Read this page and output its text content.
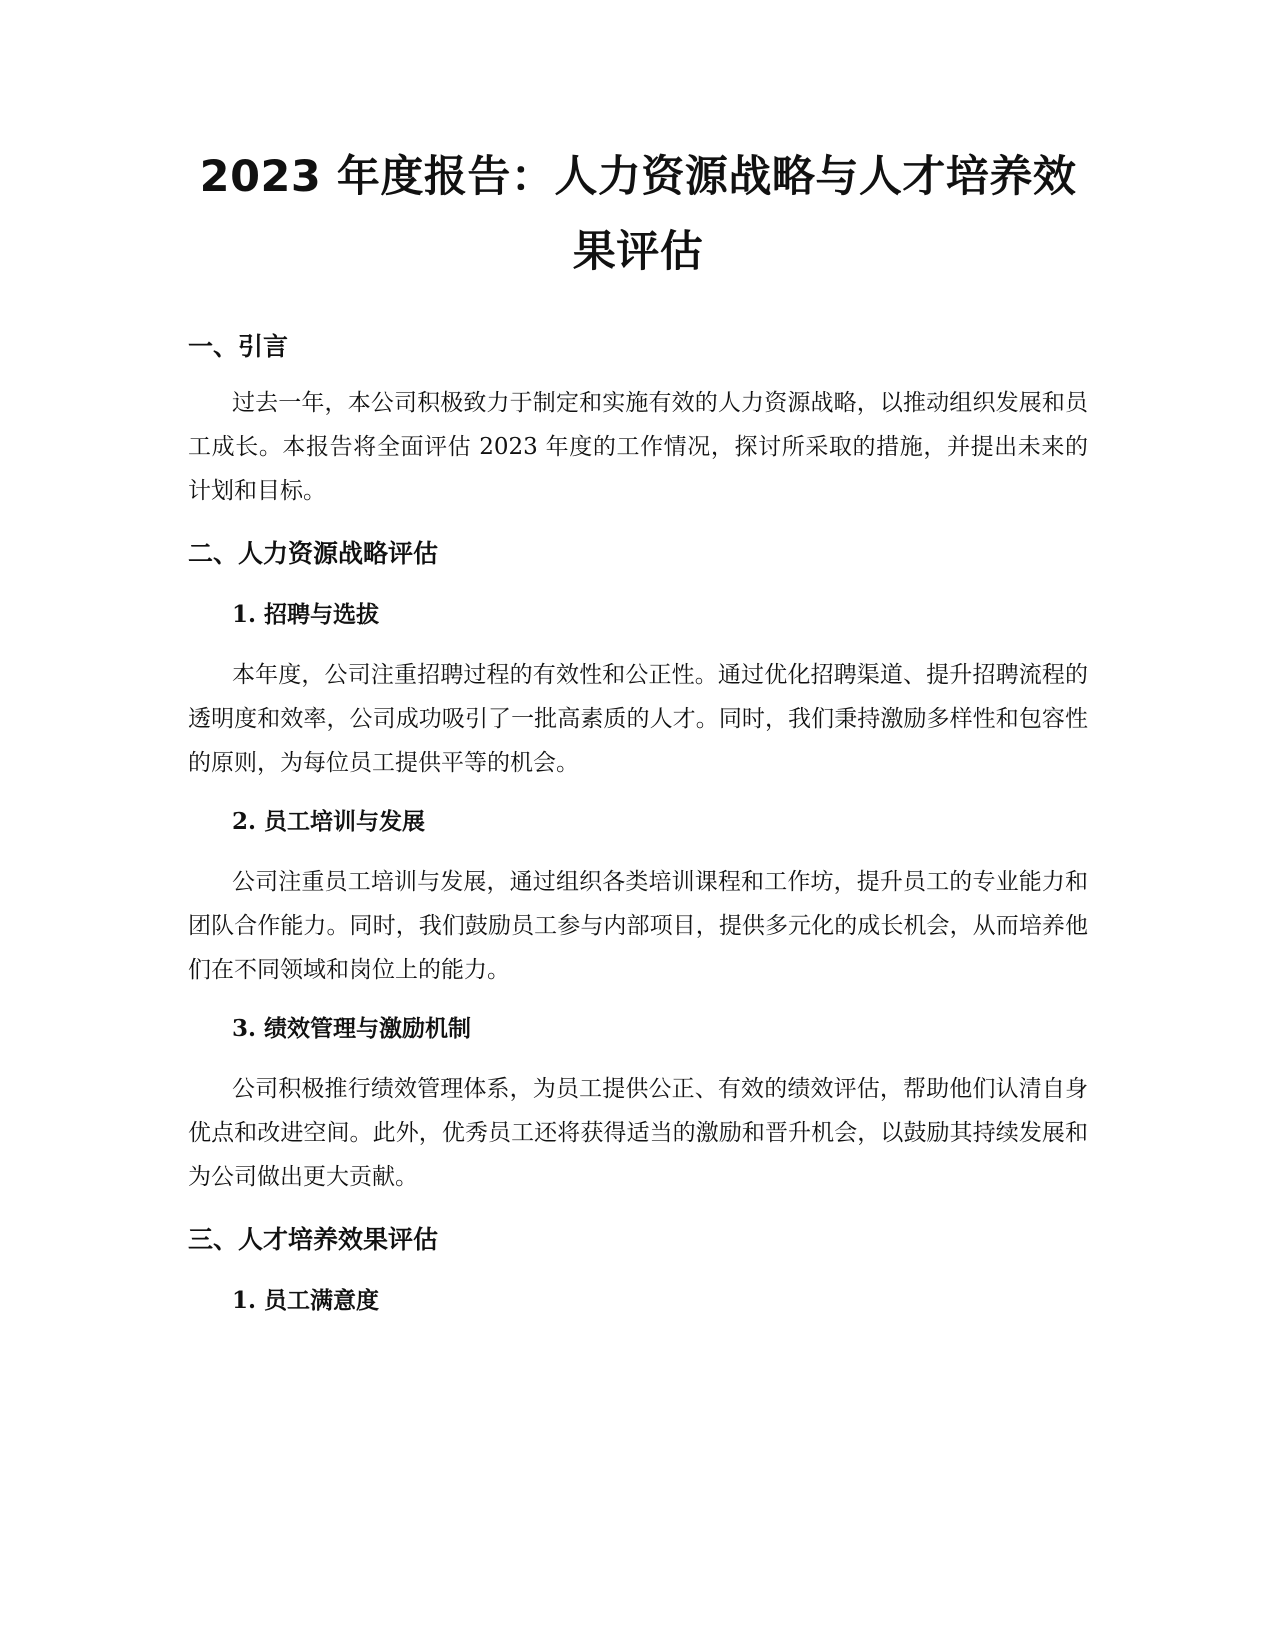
2023 年度报告：人力资源战略与人才培养效
果评估
一、引言

过去一年，本公司积极致力于制定和实施有效的人力资源战略，以推动组织发展和员工成长。本报告将全面评估 2023 年度的工作情况，探讨所采取的措施，并提出未来的计划和目标。

二、人力资源战略评估
1. 招聘与选拔

本年度，公司注重招聘过程的有效性和公正性。通过优化招聘渠道、提升招聘流程的透明度和效率，公司成功吸引了一批高素质的人才。同时，我们秉持激励多样性和包容性的原则，为每位员工提供平等的机会。

2. 员工培训与发展

公司注重员工培训与发展，通过组织各类培训课程和工作坊，提升员工的专业能力和团队合作能力。同时，我们鼓励员工参与内部项目，提供多元化的成长机会，从而培养他们在不同领域和岗位上的能力。

3. 绩效管理与激励机制

公司积极推行绩效管理体系，为员工提供公正、有效的绩效评估，帮助他们认清自身优点和改进空间。此外，优秀员工还将获得适当的激励和晋升机会，以鼓励其持续发展和为公司做出更大贡献。

三、人才培养效果评估
1. 员工满意度
